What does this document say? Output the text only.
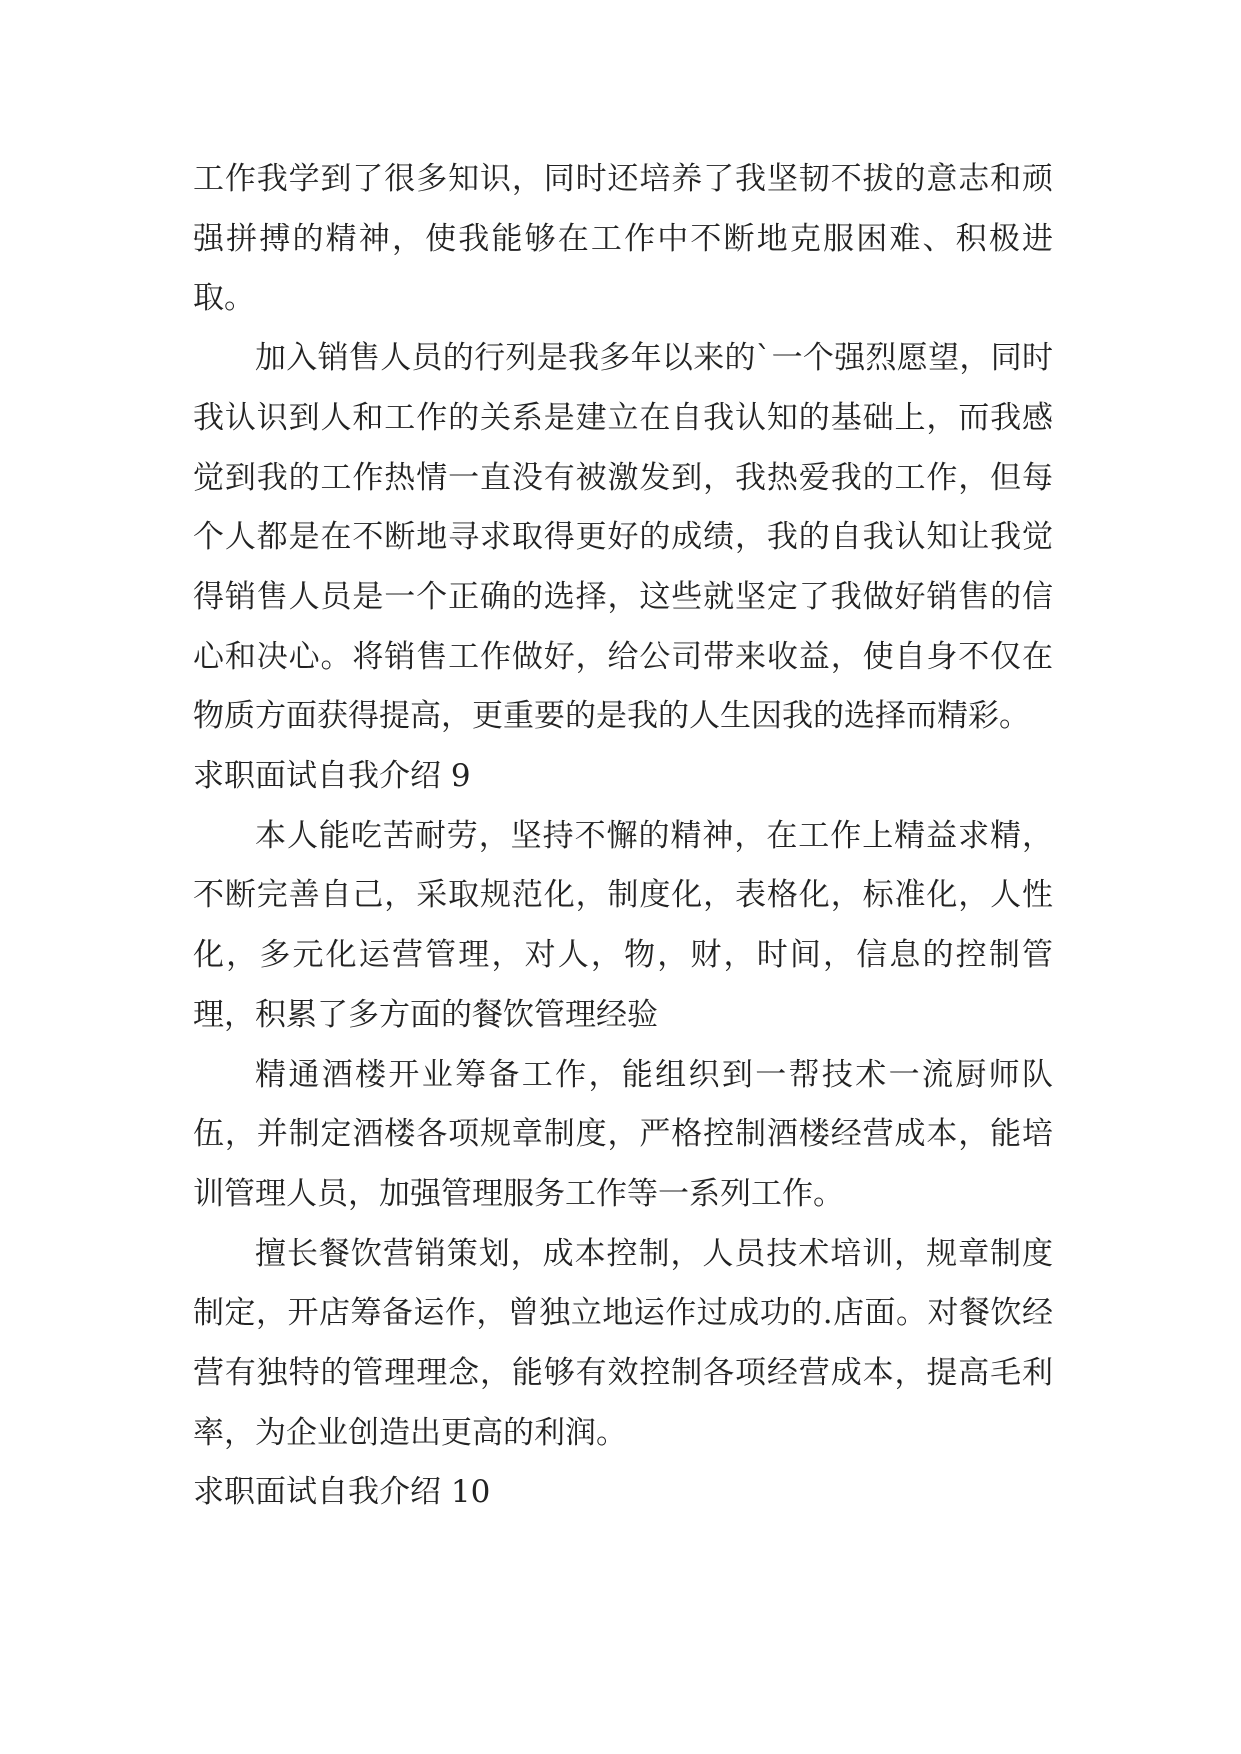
工作我学到了很多知识，同时还培养了我坚韧不拔的意志和顽强拼搏的精神，使我能够在工作中不断地克服困难、积极进取。

加入销售人员的行列是我多年以来的`一个强烈愿望，同时我认识到人和工作的关系是建立在自我认知的基础上，而我感觉到我的工作热情一直没有被激发到，我热爱我的工作，但每个人都是在不断地寻求取得更好的成绩，我的自我认知让我觉得销售人员是一个正确的选择，这些就坚定了我做好销售的信心和决心。将销售工作做好，给公司带来收益，使自身不仅在物质方面获得提高，更重要的是我的人生因我的选择而精彩。

求职面试自我介绍 9

本人能吃苦耐劳，坚持不懈的精神，在工作上精益求精，不断完善自己，采取规范化，制度化，表格化，标准化，人性化，多元化运营管理，对人，物，财，时间，信息的控制管理，积累了多方面的餐饮管理经验

精通酒楼开业筹备工作，能组织到一帮技术一流厨师队伍，并制定酒楼各项规章制度，严格控制酒楼经营成本，能培训管理人员，加强管理服务工作等一系列工作。

擅长餐饮营销策划，成本控制，人员技术培训，规章制度制定，开店筹备运作，曾独立地运作过成功的.店面。对餐饮经营有独特的管理理念，能够有效控制各项经营成本，提高毛利率，为企业创造出更高的利润。

求职面试自我介绍 10
